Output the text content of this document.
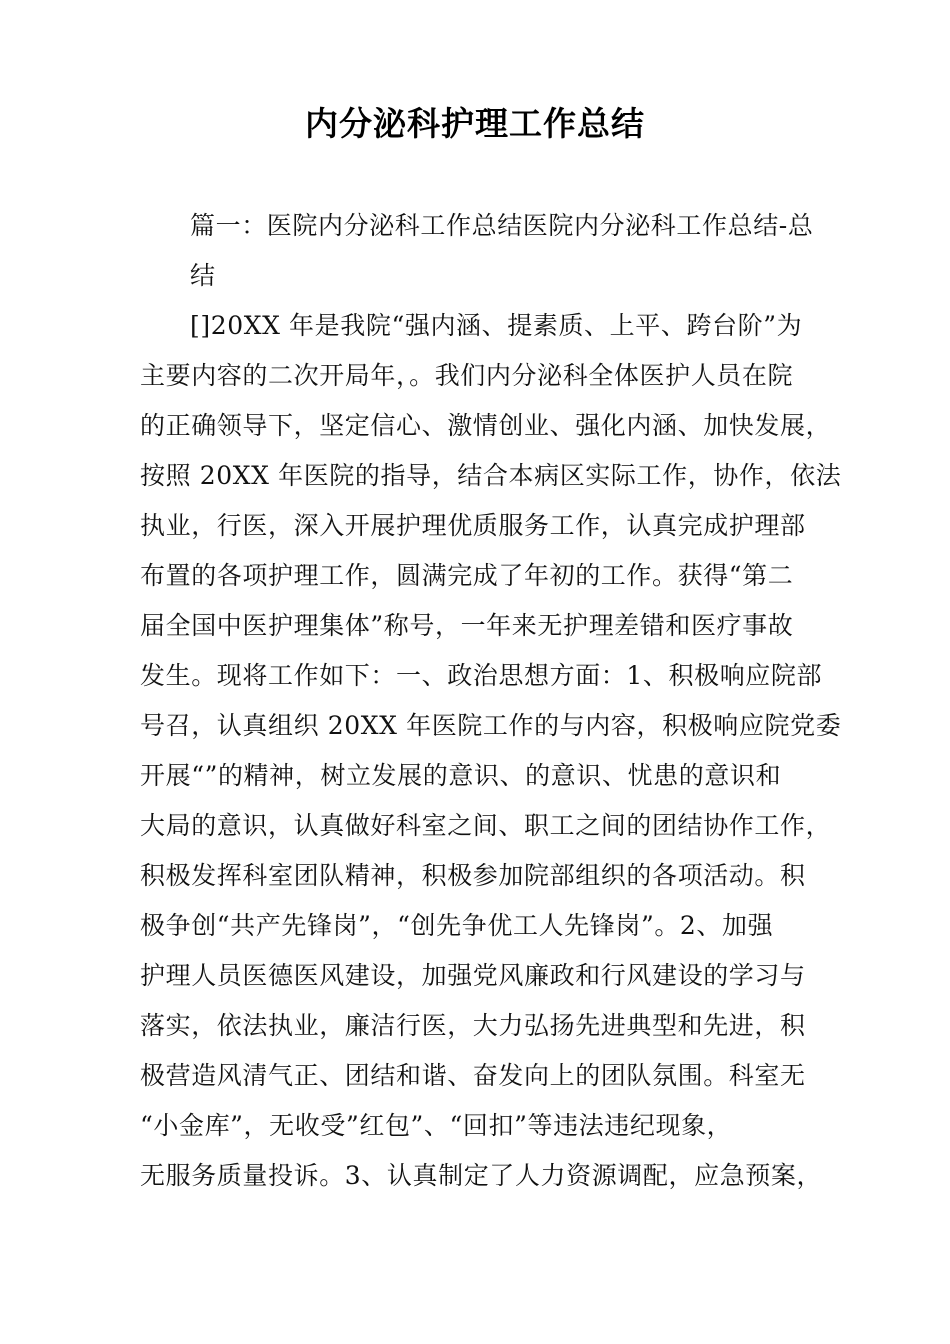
内分泌科护理工作总结

篇一：医院内分泌科工作总结医院内分泌科工作总结-总

结

[]20XX 年是我院“强内涵、提素质、上平、跨台阶”为

主要内容的二次开局年，。我们内分泌科全体医护人员在院

的正确领导下，坚定信心、激情创业、强化内涵、加快发展，

按照 20XX 年医院的指导，结合本病区实际工作，协作，依法

执业，行医，深入开展护理优质服务工作，认真完成护理部

布置的各项护理工作，圆满完成了年初的工作。获得“第二

届全国中医护理集体”称号，一年来无护理差错和医疗事故

发生。现将工作如下：一、政治思想方面：1、积极响应院部

号召，认真组织 20XX 年医院工作的与内容，积极响应院党委

开展“”的精神，树立发展的意识、的意识、忧患的意识和

大局的意识，认真做好科室之间、职工之间的团结协作工作，

积极发挥科室团队精神，积极参加院部组织的各项活动。积

极争创“共产先锋岗”，“创先争优工人先锋岗”。2、加强

护理人员医德医风建设，加强党风廉政和行风建设的学习与

落实，依法执业，廉洁行医，大力弘扬先进典型和先进，积

极营造风清气正、团结和谐、奋发向上的团队氛围。科室无

“小金库”，无收受”红包”、“回扣”等违法违纪现象，

无服务质量投诉。3、认真制定了人力资源调配，应急预案，
